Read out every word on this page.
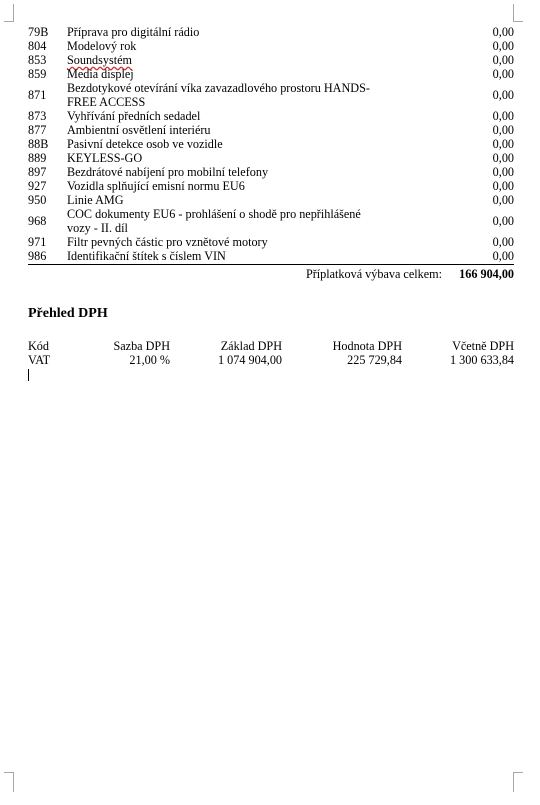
79B	Příprava pro digitální rádio	0,00
804	Modelový rok	0,00
853	Soundsystém	0,00
859	Media displej	0,00
871	Bezdotykové otevírání víka zavazadlového prostoru HANDS-FREE ACCESS	0,00
873	Vyhřívání předních sedadel	0,00
877	Ambientní osvětlení interiéru	0,00
88B	Pasivní detekce osob ve vozidle	0,00
889	KEYLESS-GO	0,00
897	Bezdrátové nabíjení pro mobilní telefony	0,00
927	Vozidla splňující emisní normu EU6	0,00
950	Linie AMG	0,00
968	COC dokumenty EU6 - prohlášení o shodě pro nepřihlášené vozy - II. díl	0,00
971	Filtr pevných částic pro vznětové motory	0,00
986	Identifikační štítek s číslem VIN	0,00
Příplatková výbava celkem:		166 904,00
Přehled DPH
Kód	Sazba DPH	Základ DPH	Hodnota DPH	Včetně DPH
VAT	21,00 %	1 074 904,00	225 729,84	1 300 633,84
